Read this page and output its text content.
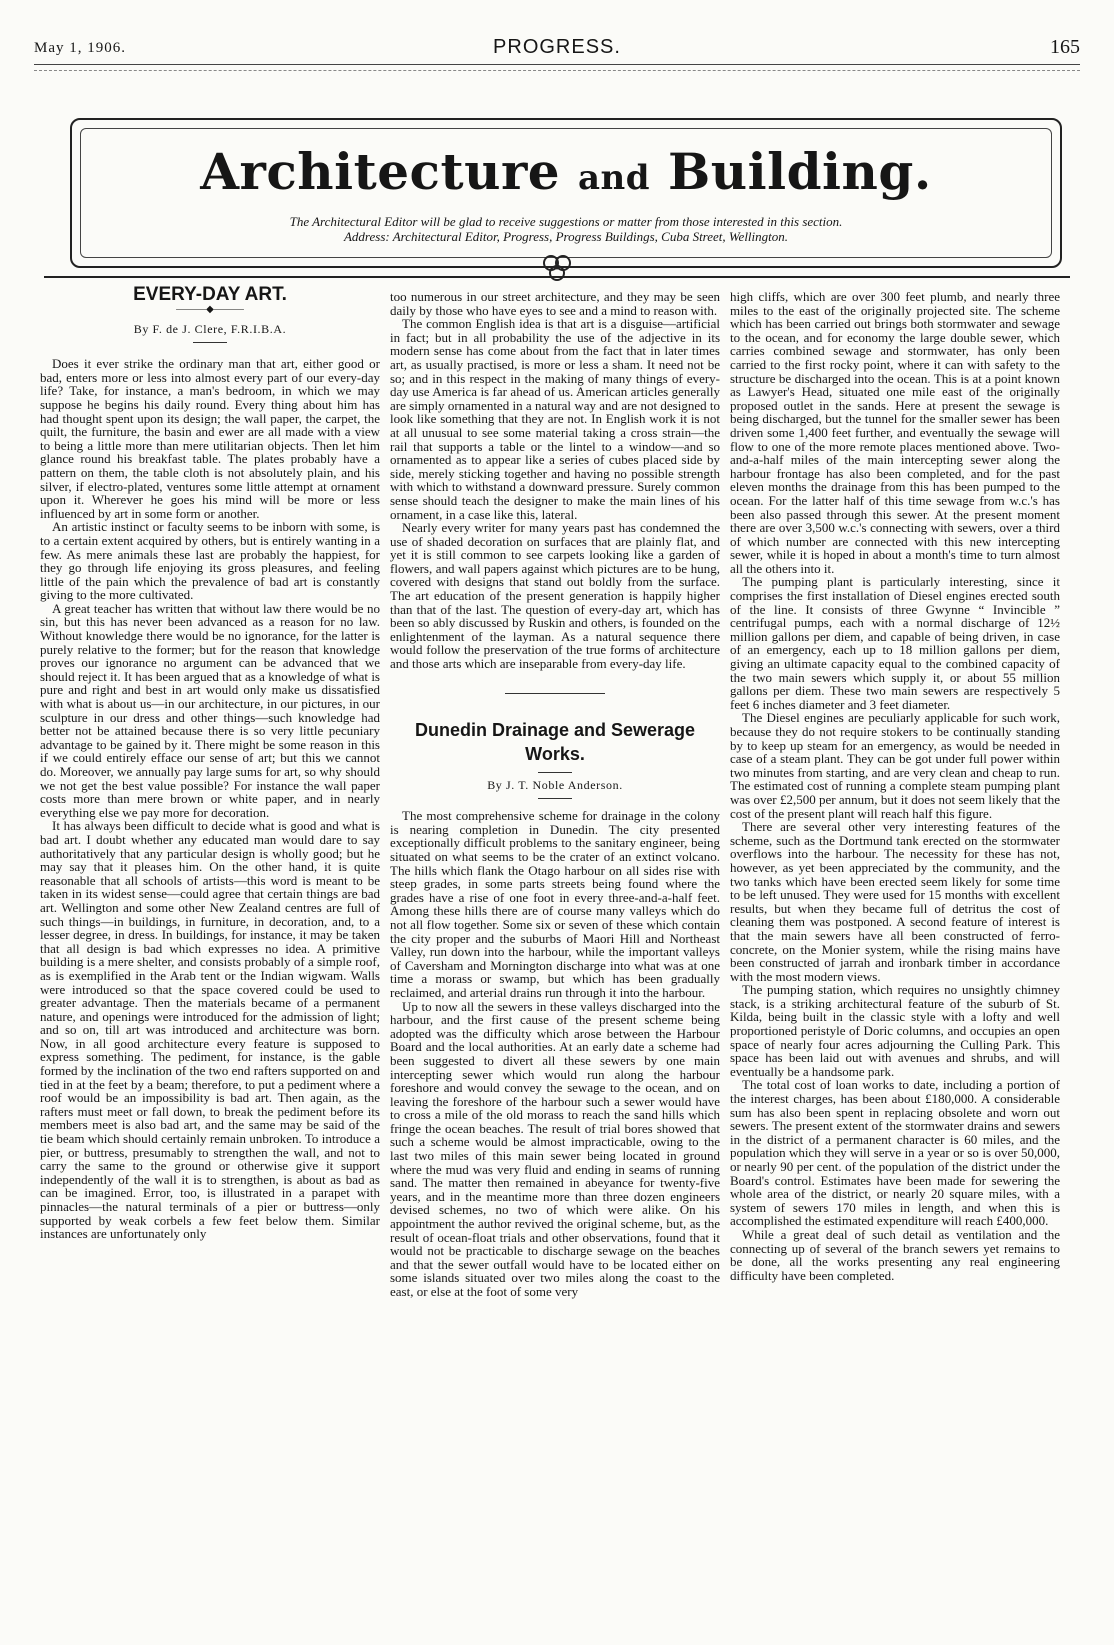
May 1, 1906.	PROGRESS.	165
Architecture and Building.
The Architectural Editor will be glad to receive suggestions or matter from those interested in this section.
Address: Architectural Editor, Progress, Progress Buildings, Cuba Street, Wellington.
EVERY-DAY ART.
———◆———

By F. de J. Clere, F.R.I.B.A.

Does it ever strike the ordinary man that art, either good or bad, enters more or less into almost every part of our every-day life? Take, for instance, a man's bedroom, in which we may suppose he begins his daily round. Every thing about him has had thought spent upon its design; the wall paper, the carpet, the quilt, the furniture, the basin and ewer are all made with a view to being a little more than mere utilitarian objects. Then let him glance round his breakfast table. The plates probably have a pattern on them, the table cloth is not absolutely plain, and his silver, if electro-plated, ventures some little attempt at ornament upon it. Wherever he goes his mind will be more or less influenced by art in some form or another.

An artistic instinct or faculty seems to be inborn with some, is to a certain extent acquired by others, but is entirely wanting in a few. As mere animals these last are probably the happiest, for they go through life enjoying its gross pleasures, and feeling little of the pain which the prevalence of bad art is constantly giving to the more cultivated.

A great teacher has written that without law there would be no sin, but this has never been advanced as a reason for no law. Without knowledge there would be no ignorance, for the latter is purely relative to the former; but for the reason that knowledge proves our ignorance no argument can be advanced that we should reject it. It has been argued that as a knowledge of what is pure and right and best in art would only make us dissatisfied with what is about us—in our architecture, in our pictures, in our sculpture in our dress and other things—such knowledge had better not be attained because there is so very little pecuniary advantage to be gained by it. There might be some reason in this if we could entirely efface our sense of art; but this we cannot do. Moreover, we annually pay large sums for art, so why should we not get the best value possible? For instance the wall paper costs more than mere brown or white paper, and in nearly everything else we pay more for decoration.

It has always been difficult to decide what is good and what is bad art. I doubt whether any educated man would dare to say authoritatively that any particular design is wholly good; but he may say that it pleases him. On the other hand, it is quite reasonable that all schools of artists—this word is meant to be taken in its widest sense—could agree that certain things are bad art. Wellington and some other New Zealand centres are full of such things—in buildings, in furniture, in decoration, and, to a lesser degree, in dress. In buildings, for instance, it may be taken that all design is bad which expresses no idea. A primitive building is a mere shelter, and consists probably of a simple roof, as is exemplified in the Arab tent or the Indian wigwam. Walls were introduced so that the space covered could be used to greater advantage. Then the materials became of a permanent nature, and openings were introduced for the admission of light; and so on, till art was introduced and architecture was born. Now, in all good architecture every feature is supposed to express something. The pediment, for instance, is the gable formed by the inclination of the two end rafters supported on and tied in at the feet by a beam; therefore, to put a pediment where a roof would be an impossibility is bad art. Then again, as the rafters must meet or fall down, to break the pediment before its members meet is also bad art, and the same may be said of the tie beam which should certainly remain unbroken. To introduce a pier, or buttress, presumably to strengthen the wall, and not to carry the same to the ground or otherwise give it support independently of the wall it is to strengthen, is about as bad as can be imagined. Error, too, is illustrated in a parapet with pinnacles—the natural terminals of a pier or buttress—only supported by weak corbels a few feet below them. Similar instances are unfortunately only

too numerous in our street architecture, and they may be seen daily by those who have eyes to see and a mind to reason with.

The common English idea is that art is a disguise—artificial in fact; but in all probability the use of the adjective in its modern sense has come about from the fact that in later times art, as usually practised, is more or less a sham. It need not be so; and in this respect in the making of many things of every-day use America is far ahead of us. American articles generally are simply ornamented in a natural way and are not designed to look like something that they are not. In English work it is not at all unusual to see some material taking a cross strain—the rail that supports a table or the lintel to a window—and so ornamented as to appear like a series of cubes placed side by side, merely sticking together and having no possible strength with which to withstand a downward pressure. Surely common sense should teach the designer to make the main lines of his ornament, in a case like this, lateral.

Nearly every writer for many years past has condemned the use of shaded decoration on surfaces that are plainly flat, and yet it is still common to see carpets looking like a garden of flowers, and wall papers against which pictures are to be hung, covered with designs that stand out boldly from the surface. The art education of the present generation is happily higher than that of the last. The question of every-day art, which has been so ably discussed by Ruskin and others, is founded on the enlightenment of the layman. As a natural sequence there would follow the preservation of the true forms of architecture and those arts which are inseparable from every-day life.

Dunedin Drainage and Sewerage
Works.

By J. T. Noble Anderson.

The most comprehensive scheme for drainage in the colony is nearing completion in Dunedin. The city presented exceptionally difficult problems to the sanitary engineer, being situated on what seems to be the crater of an extinct volcano. The hills which flank the Otago harbour on all sides rise with steep grades, in some parts streets being found where the grades have a rise of one foot in every three-and-a-half feet. Among these hills there are of course many valleys which do not all flow together. Some six or seven of these which contain the city proper and the suburbs of Maori Hill and Northeast Valley, run down into the harbour, while the important valleys of Caversham and Mornington discharge into what was at one time a morass or swamp, but which has been gradually reclaimed, and arterial drains run through it into the harbour.

Up to now all the sewers in these valleys discharged into the harbour, and the first cause of the present scheme being adopted was the difficulty which arose between the Harbour Board and the local authorities. At an early date a scheme had been suggested to divert all these sewers by one main intercepting sewer which would run along the harbour foreshore and would convey the sewage to the ocean, and on leaving the foreshore of the harbour such a sewer would have to cross a mile of the old morass to reach the sand hills which fringe the ocean beaches. The result of trial bores showed that such a scheme would be almost impracticable, owing to the last two miles of this main sewer being located in ground where the mud was very fluid and ending in seams of running sand. The matter then remained in abeyance for twenty-five years, and in the meantime more than three dozen engineers devised schemes, no two of which were alike. On his appointment the author revived the original scheme, but, as the result of ocean-float trials and other observations, found that it would not be practicable to discharge sewage on the beaches and that the sewer outfall would have to be located either on some islands situated over two miles along the coast to the east, or else at the foot of some very

high cliffs, which are over 300 feet plumb, and nearly three miles to the east of the originally projected site. The scheme which has been carried out brings both stormwater and sewage to the ocean, and for economy the large double sewer, which carries combined sewage and stormwater, has only been carried to the first rocky point, where it can with safety to the structure be discharged into the ocean. This is at a point known as Lawyer's Head, situated one mile east of the originally proposed outlet in the sands. Here at present the sewage is being discharged, but the tunnel for the smaller sewer has been driven some 1,400 feet further, and eventually the sewage will flow to one of the more remote places mentioned above. Two-and-a-half miles of the main intercepting sewer along the harbour frontage has also been completed, and for the past eleven months the drainage from this has been pumped to the ocean. For the latter half of this time sewage from w.c.'s has been also passed through this sewer. At the present moment there are over 3,500 w.c.'s connecting with sewers, over a third of which number are connected with this new intercepting sewer, while it is hoped in about a month's time to turn almost all the others into it.

The pumping plant is particularly interesting, since it comprises the first installation of Diesel engines erected south of the line. It consists of three Gwynne “ Invincible ” centrifugal pumps, each with a normal discharge of 12½ million gallons per diem, and capable of being driven, in case of an emergency, each up to 18 million gallons per diem, giving an ultimate capacity equal to the combined capacity of the two main sewers which supply it, or about 55 million gallons per diem. These two main sewers are respectively 5 feet 6 inches diameter and 3 feet diameter.

The Diesel engines are peculiarly applicable for such work, because they do not require stokers to be continually standing by to keep up steam for an emergency, as would be needed in case of a steam plant. They can be got under full power within two minutes from starting, and are very clean and cheap to run. The estimated cost of running a complete steam pumping plant was over £2,500 per annum, but it does not seem likely that the cost of the present plant will reach half this figure.

There are several other very interesting features of the scheme, such as the Dortmund tank erected on the stormwater overflows into the harbour. The necessity for these has not, however, as yet been appreciated by the community, and the two tanks which have been erected seem likely for some time to be left unused. They were used for 15 months with excellent results, but when they became full of detritus the cost of cleaning them was postponed. A second feature of interest is that the main sewers have all been constructed of ferro-concrete, on the Monier system, while the rising mains have been constructed of jarrah and ironbark timber in accordance with the most modern views.

The pumping station, which requires no unsightly chimney stack, is a striking architectural feature of the suburb of St. Kilda, being built in the classic style with a lofty and well proportioned peristyle of Doric columns, and occupies an open space of nearly four acres adjourning the Culling Park. This space has been laid out with avenues and shrubs, and will eventually be a handsome park.

The total cost of loan works to date, including a portion of the interest charges, has been about £180,000. A considerable sum has also been spent in replacing obsolete and worn out sewers. The present extent of the stormwater drains and sewers in the district of a permanent character is 60 miles, and the population which they will serve in a year or so is over 50,000, or nearly 90 per cent. of the population of the district under the Board's control. Estimates have been made for sewering the whole area of the district, or nearly 20 square miles, with a system of sewers 170 miles in length, and when this is accomplished the estimated expenditure will reach £400,000.

While a great deal of such detail as ventilation and the connecting up of several of the branch sewers yet remains to be done, all the works presenting any real engineering difficulty have been completed.
